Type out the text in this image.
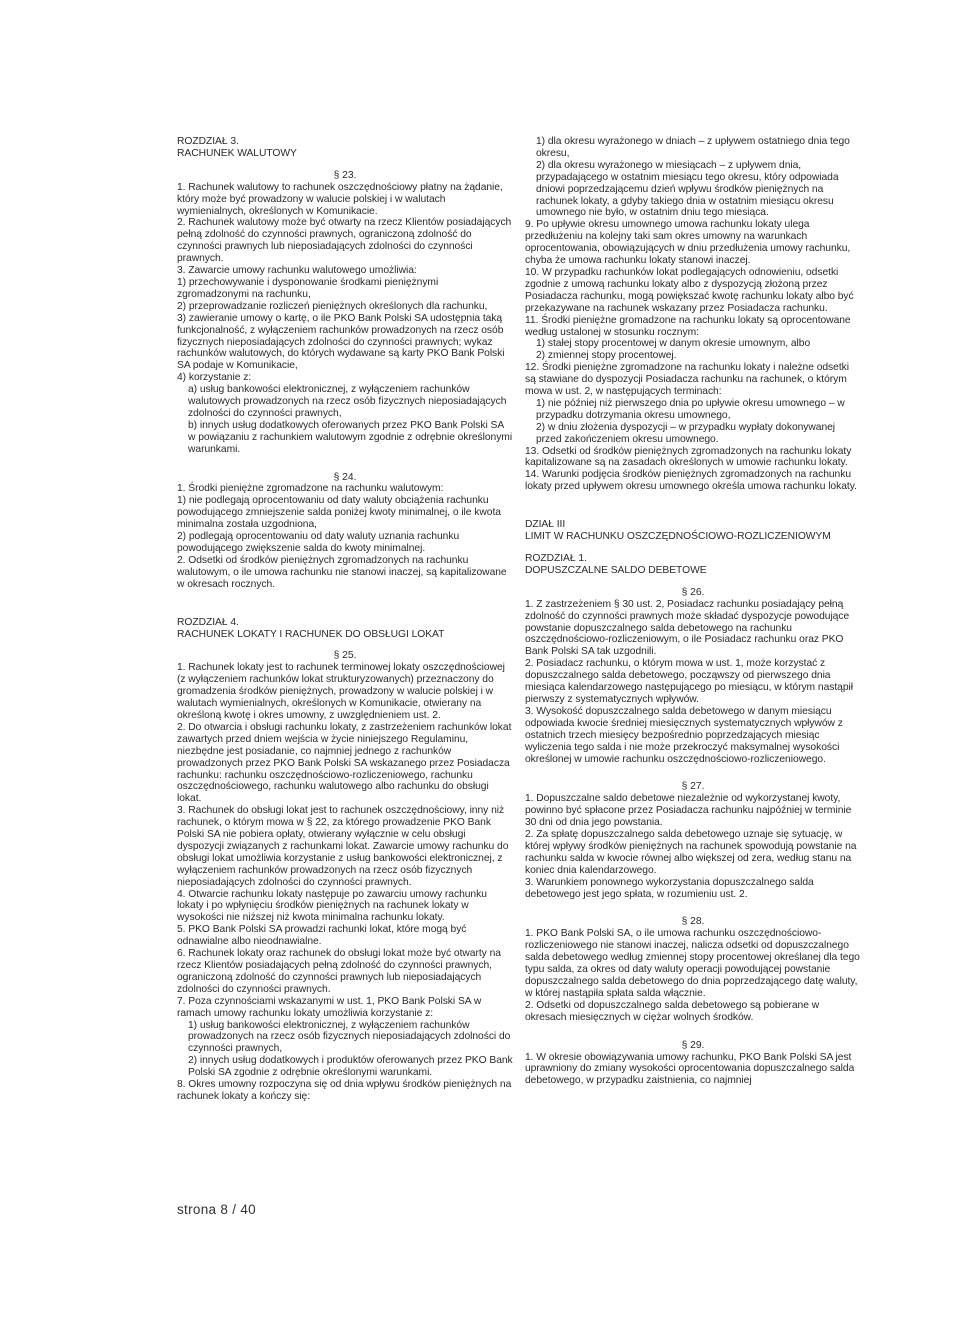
ROZDZIAŁ 3.

RACHUNEK WALUTOWY

§ 23.

1. Rachunek walutowy to rachunek oszczędnościowy płatny na żądanie, który może być prowadzony w walucie polskiej i w walutach wymienialnych, określonych w Komunikacie.

2. Rachunek walutowy może być otwarty na rzecz Klientów posiadających pełną zdolność do czynności prawnych, ograniczoną zdolność do czynności prawnych lub nieposiadających zdolności do czynności prawnych.

3. Zawarcie umowy rachunku walutowego umożliwia:

1) przechowywanie i dysponowanie środkami pieniężnymi zgromadzonymi na rachunku,

2) przeprowadzanie rozliczeń pieniężnych określonych dla rachunku,

3) zawieranie umowy o kartę, o ile PKO Bank Polski SA udostępnia taką funkcjonalność, z wyłączeniem rachunków prowadzonych na rzecz osób fizycznych nieposiadających zdolności do czynności prawnych; wykaz rachunków walutowych, do których wydawane są karty PKO Bank Polski SA podaje w Komunikacie,

4) korzystanie z:

a) usług bankowości elektronicznej, z wyłączeniem rachunków walutowych prowadzonych na rzecz osób fizycznych nieposiadających zdolności do czynności prawnych,

b) innych usług dodatkowych oferowanych przez PKO Bank Polski SA w powiązaniu z rachunkiem walutowym zgodnie z odrębnie określonymi warunkami.

§ 24.

1. Środki pieniężne zgromadzone na rachunku walutowym:

1) nie podlegają oprocentowaniu od daty waluty obciążenia rachunku powodującego zmniejszenie salda poniżej kwoty minimalnej, o ile kwota minimalna została uzgodniona,

2) podlegają oprocentowaniu od daty waluty uznania rachunku powodującego zwiększenie salda do kwoty minimalnej.

2. Odsetki od środków pieniężnych zgromadzonych na rachunku walutowym, o ile umowa rachunku nie stanowi inaczej, są kapitalizowane w okresach rocznych.

ROZDZIAŁ 4.

RACHUNEK LOKATY I RACHUNEK DO OBSŁUGI LOKAT

§ 25.

1. Rachunek lokaty jest to rachunek terminowej lokaty oszczędnościowej (z wyłączeniem rachunków lokat strukturyzowanych) przeznaczony do gromadzenia środków pieniężnych, prowadzony w walucie polskiej i w walutach wymienialnych, określonych w Komunikacie, otwierany na określoną kwotę i okres umowny, z uwzględnieniem ust. 2.

2. Do otwarcia i obsługi rachunku lokaty, z zastrzeżeniem rachunków lokat zawartych przed dniem wejścia w życie niniejszego Regulaminu, niezbędne jest posiadanie, co najmniej jednego z rachunków prowadzonych przez PKO Bank Polski SA wskazanego przez Posiadacza rachunku: rachunku oszczędnościowo-rozliczeniowego, rachunku oszczędnościowego, rachunku walutowego albo rachunku do obsługi lokat.

3. Rachunek do obsługi lokat jest to rachunek oszczędnościowy, inny niż rachunek, o którym mowa w § 22, za którego prowadzenie PKO Bank Polski SA nie pobiera opłaty, otwierany wyłącznie w celu obsługi dyspozycji związanych z rachunkami lokat. Zawarcie umowy rachunku do obsługi lokat umożliwia korzystanie z usług bankowości elektronicznej, z wyłączeniem rachunków prowadzonych na rzecz osób fizycznych nieposiadających zdolności do czynności prawnych.

4. Otwarcie rachunku lokaty następuje po zawarciu umowy rachunku lokaty i po wpłynięciu środków pieniężnych na rachunek lokaty w wysokości nie niższej niż kwota minimalna rachunku lokaty.

5. PKO Bank Polski SA prowadzi rachunki lokat, które mogą być odnawialne albo nieodnawialne.

6. Rachunek lokaty oraz rachunek do obsługi lokat może być otwarty na rzecz Klientów posiadających pełną zdolność do czynności prawnych, ograniczoną zdolność do czynności prawnych lub nieposiadających zdolności do czynności prawnych.

7. Poza czynnościami wskazanymi w ust. 1, PKO Bank Polski SA w ramach umowy rachunku lokaty umożliwia korzystanie z:

1) usług bankowości elektronicznej, z wyłączeniem rachunków prowadzonych na rzecz osób fizycznych nieposiadających zdolności do czynności prawnych,

2) innych usług dodatkowych i produktów oferowanych przez PKO Bank Polski SA zgodnie z odrębnie określonymi warunkami.

8. Okres umowny rozpoczyna się od dnia wpływu środków pieniężnych na rachunek lokaty a kończy się:

1) dla okresu wyrażonego w dniach – z upływem ostatniego dnia tego okresu,

2) dla okresu wyrażonego w miesiącach – z upływem dnia, przypadającego w ostatnim miesiącu tego okresu, który odpowiada dniowi poprzedzającemu dzień wpływu środków pieniężnych na rachunek lokaty, a gdyby takiego dnia w ostatnim miesiącu okresu umownego nie było, w ostatnim dniu tego miesiąca.

9. Po upływie okresu umownego umowa rachunku lokaty ulega przedłużeniu na kolejny taki sam okres umowny na warunkach oprocentowania, obowiązujących w dniu przedłużenia umowy rachunku, chyba że umowa rachunku lokaty stanowi inaczej.

10. W przypadku rachunków lokat podlegających odnowieniu, odsetki zgodnie z umową rachunku lokaty albo z dyspozycją złożoną przez Posiadacza rachunku, mogą powiększać kwotę rachunku lokaty albo być przekazywane na rachunek wskazany przez Posiadacza rachunku.

11. Środki pieniężne gromadzone na rachunku lokaty są oprocentowane według ustalonej w stosunku rocznym:

1) stałej stopy procentowej w danym okresie umownym, albo

2) zmiennej stopy procentowej.

12. Środki pieniężne zgromadzone na rachunku lokaty i należne odsetki są stawiane do dyspozycji Posiadacza rachunku na rachunek, o którym mowa w ust. 2, w następujących terminach:

1) nie później niż pierwszego dnia po upływie okresu umownego – w przypadku dotrzymania okresu umownego,

2) w dniu złożenia dyspozycji – w przypadku wypłaty dokonywanej przed zakończeniem okresu umownego.

13. Odsetki od środków pieniężnych zgromadzonych na rachunku lokaty kapitalizowane są na zasadach określonych w umowie rachunku lokaty.

14. Warunki podjęcia środków pieniężnych zgromadzonych na rachunku lokaty przed upływem okresu umownego określa umowa rachunku lokaty.

DZIAŁ III

LIMIT W RACHUNKU OSZCZĘDNOŚCIOWO-ROZLICZENIOWYM

ROZDZIAŁ 1.

DOPUSZCZALNE SALDO DEBETOWE

§ 26.

1. Z zastrzeżeniem § 30 ust. 2, Posiadacz rachunku posiadający pełną zdolność do czynności prawnych może składać dyspozycje powodujące powstanie dopuszczalnego salda debetowego na rachunku oszczędnościowo-rozliczeniowym, o ile Posiadacz rachunku oraz PKO Bank Polski SA tak uzgodnili.

2. Posiadacz rachunku, o którym mowa w ust. 1, może korzystać z dopuszczalnego salda debetowego, począwszy od pierwszego dnia miesiąca kalendarzowego następującego po miesiącu, w którym nastąpił pierwszy z systematycznych wpływów.

3. Wysokość dopuszczalnego salda debetowego w danym miesiącu odpowiada kwocie średniej miesięcznych systematycznych wpływów z ostatnich trzech miesięcy bezpośrednio poprzedzających miesiąc wyliczenia tego salda i nie może przekroczyć maksymalnej wysokości określonej w umowie rachunku oszczędnościowo-rozliczeniowego.

§ 27.

1. Dopuszczalne saldo debetowe niezależnie od wykorzystanej kwoty, powinno być spłacone przez Posiadacza rachunku najpóźniej w terminie 30 dni od dnia jego powstania.

2. Za spłatę dopuszczalnego salda debetowego uznaje się sytuację, w której wpływy środków pieniężnych na rachunek spowodują powstanie na rachunku salda w kwocie równej albo większej od zera, według stanu na koniec dnia kalendarzowego.

3. Warunkiem ponownego wykorzystania dopuszczalnego salda debetowego jest jego spłata, w rozumieniu ust. 2.

§ 28.

1. PKO Bank Polski SA, o ile umowa rachunku oszczędnościowo-rozliczeniowego nie stanowi inaczej, nalicza odsetki od dopuszczalnego salda debetowego według zmiennej stopy procentowej określanej dla tego typu salda, za okres od daty waluty operacji powodującej powstanie dopuszczalnego salda debetowego do dnia poprzedzającego datę waluty, w której nastąpiła spłata salda włącznie.

2. Odsetki od dopuszczalnego salda debetowego są pobierane w okresach miesięcznych w ciężar wolnych środków.

§ 29.

1. W okresie obowiązywania umowy rachunku, PKO Bank Polski SA jest uprawniony do zmiany wysokości oprocentowania dopuszczalnego salda debetowego, w przypadku zaistnienia, co najmniej

strona 8 / 40
